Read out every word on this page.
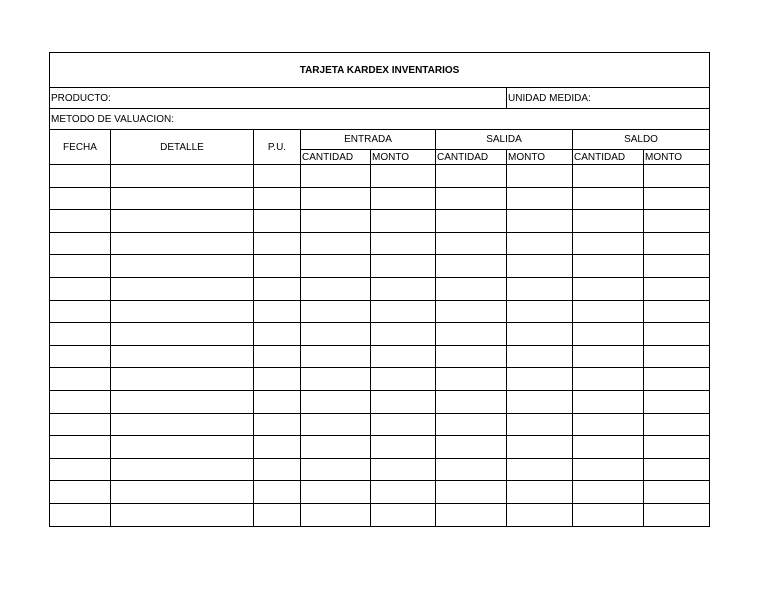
TARJETA KARDEX INVENTARIOS								
PRODUCTO:						UNIDAD MEDIDA:		
METODO DE VALUACION:								
FECHA	DETALLE	P.U.	ENTRADA		SALIDA		SALDO	
			CANTIDAD	MONTO	CANTIDAD	MONTO	CANTIDAD	MONTO
